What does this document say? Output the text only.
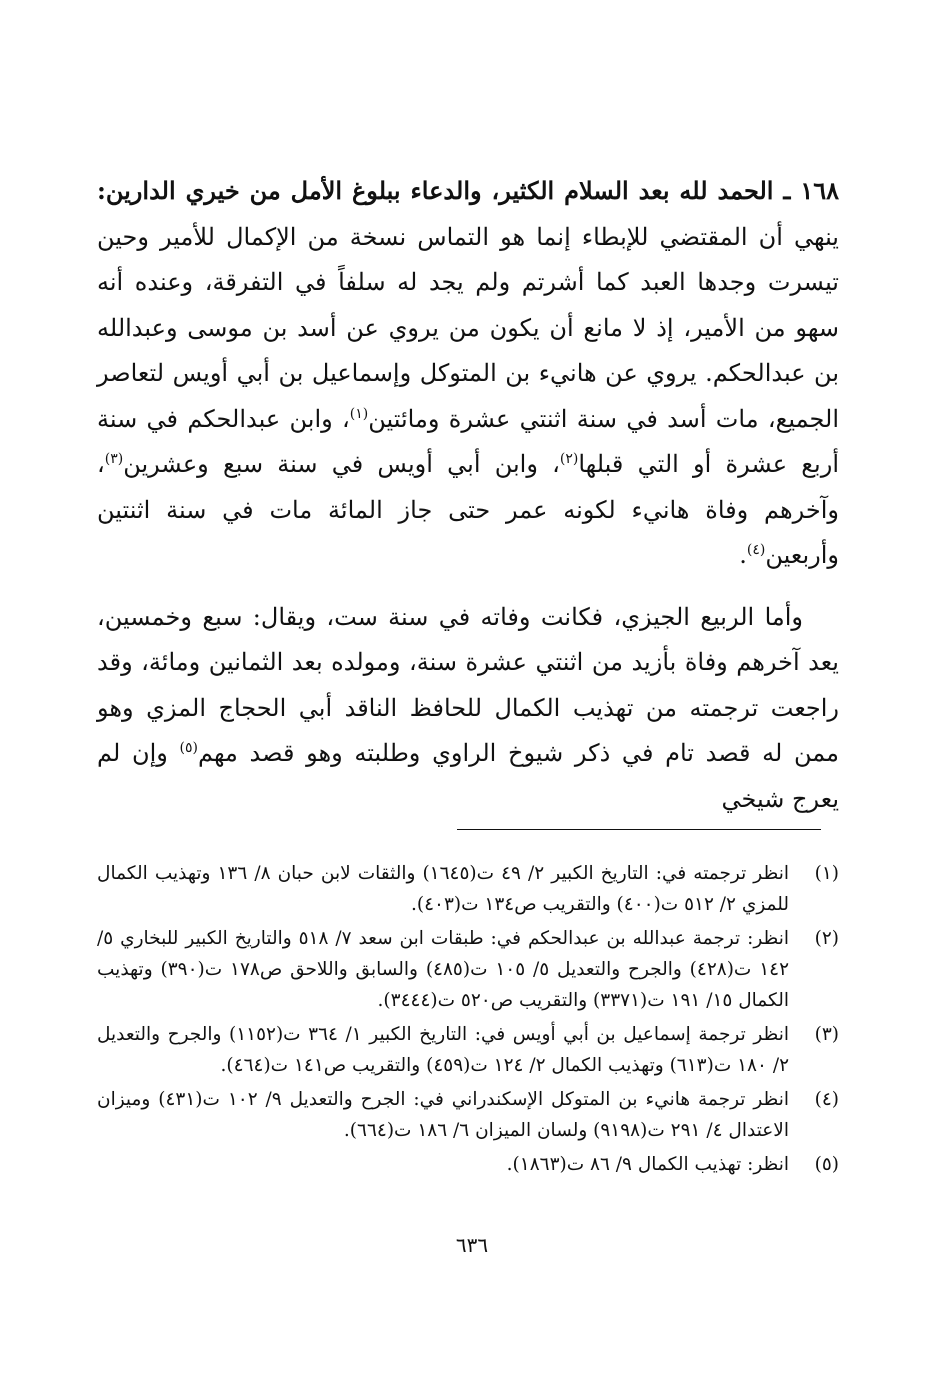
١٦٨ ـ الحمد لله بعد السلام الكثير، والدعاء ببلوغ الأمل من خيري الدارين: ينهي أن المقتضي للإبطاء إنما هو التماس نسخة من الإكمال للأمير وحين تيسرت وجدها العبد كما أشرتم ولم يجد له سلفاً في التفرقة، وعنده أنه سهو من الأمير، إذ لا مانع أن يكون من يروي عن أسد بن موسى وعبدالله بن عبدالحكم. يروي عن هانيء بن المتوكل وإسماعيل بن أبي أويس لتعاصر الجميع، مات أسد في سنة اثنتي عشرة ومائتين$^{(١)}$، وابن عبدالحكم في سنة أربع عشرة أو التي قبلها$^{(٢)}$، وابن أبي أويس في سنة سبع وعشرين$^{(٣)}$، وآخرهم وفاة هانيء لكونه عمر حتى جاز المائة مات في سنة اثنتين وأربعين$^{(٤)}$.

وأما الربيع الجيزي، فكانت وفاته في سنة ست، ويقال: سبع وخمسين، يعد آخرهم وفاة بأزيد من اثنتي عشرة سنة، ومولده بعد الثمانين ومائة، وقد راجعت ترجمته من تهذيب الكمال للحافظ الناقد أبي الحجاج المزي وهو ممن له قصد تام في ذكر شيوخ الراوي وطلبته وهو قصد مهم$^{(٥)}$ وإن لم يعرج شيخي

(١)
انظر ترجمته في: التاريخ الكبير ٢/ ٤٩ ت(١٦٤٥) والثقات لابن حبان ٨/ ١٣٦ وتهذيب الكمال للمزي ٢/ ٥١٢ ت(٤٠٠) والتقريب ص١٣٤ ت(٤٠٣).
(٢)
انظر: ترجمة عبدالله بن عبدالحكم في: طبقات ابن سعد ٧/ ٥١٨ والتاريخ الكبير للبخاري ٥/ ١٤٢ ت(٤٢٨) والجرح والتعديل ٥/ ١٠٥ ت(٤٨٥) والسابق واللاحق ص١٧٨ ت(٣٩٠) وتهذيب الكمال ١٥/ ١٩١ ت(٣٣٧١) والتقريب ص٥٢٠ ت(٣٤٤٤).
(٣)
انظر ترجمة إسماعيل بن أبي أويس في: التاريخ الكبير ١/ ٣٦٤ ت(١١٥٢) والجرح والتعديل ٢/ ١٨٠ ت(٦١٣) وتهذيب الكمال ٢/ ١٢٤ ت(٤٥٩) والتقريب ص١٤١ ت(٤٦٤).
(٤)
انظر ترجمة هانيء بن المتوكل الإسكندراني في: الجرح والتعديل ٩/ ١٠٢ ت(٤٣١) وميزان الاعتدال ٤/ ٢٩١ ت(٩١٩٨) ولسان الميزان ٦/ ١٨٦ ت(٦٦٤).
(٥)
انظر: تهذيب الكمال ٩/ ٨٦ ت(١٨٦٣).
٦٣٦
